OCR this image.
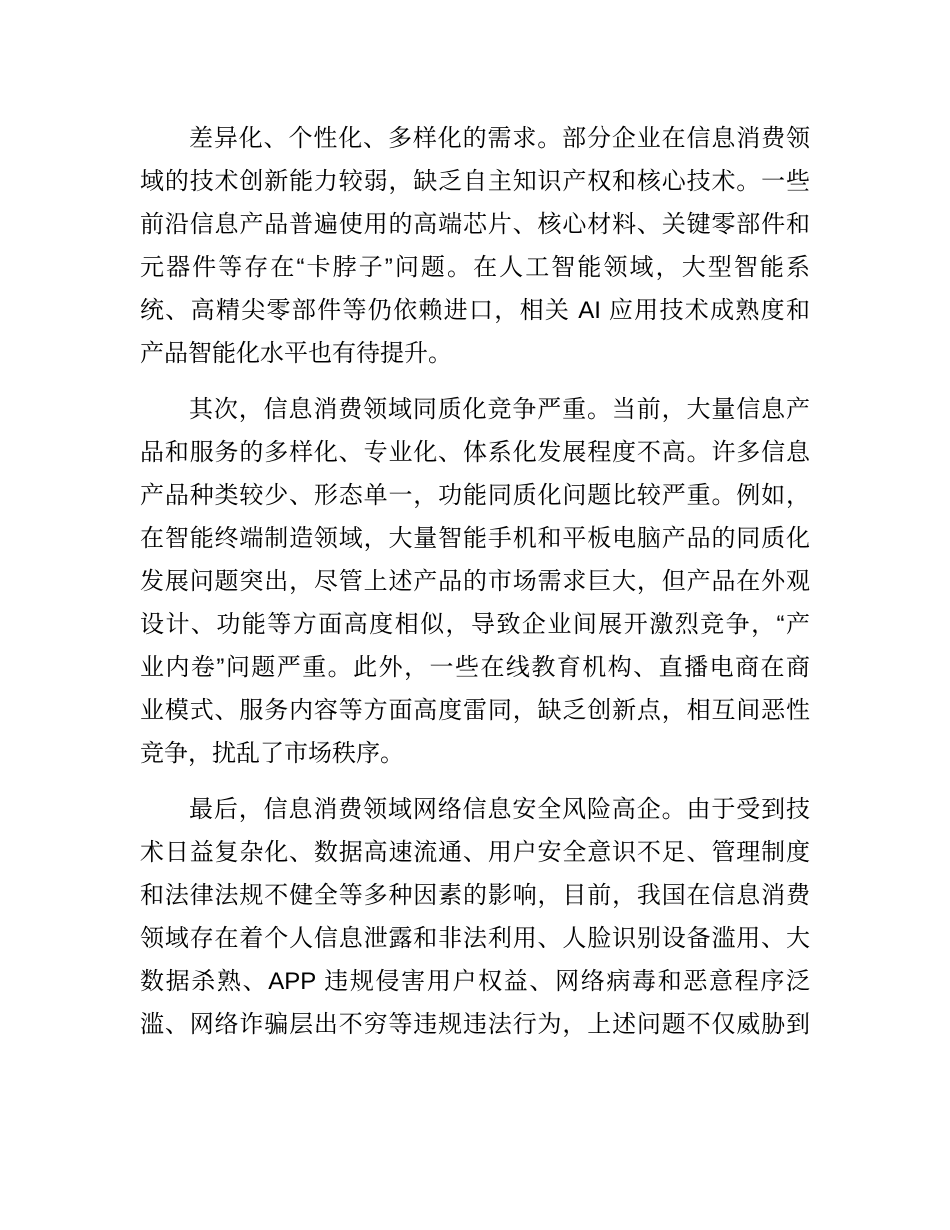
差异化、个性化、多样化的需求。部分企业在信息消费领
域的技术创新能力较弱，缺乏自主知识产权和核心技术。一些
前沿信息产品普遍使用的高端芯片、核心材料、关键零部件和
元器件等存在“卡脖子”问题。在人工智能领域，大型智能系
统、高精尖零部件等仍依赖进口，相关 AI 应用技术成熟度和
产品智能化水平也有待提升。

其次，信息消费领域同质化竞争严重。当前，大量信息产
品和服务的多样化、专业化、体系化发展程度不高。许多信息
产品种类较少、形态单一，功能同质化问题比较严重。例如，
在智能终端制造领域，大量智能手机和平板电脑产品的同质化
发展问题突出，尽管上述产品的市场需求巨大，但产品在外观
设计、功能等方面高度相似，导致企业间展开激烈竞争，“产
业内卷”问题严重。此外，一些在线教育机构、直播电商在商
业模式、服务内容等方面高度雷同，缺乏创新点，相互间恶性
竞争，扰乱了市场秩序。

最后，信息消费领域网络信息安全风险高企。由于受到技
术日益复杂化、数据高速流通、用户安全意识不足、管理制度
和法律法规不健全等多种因素的影响，目前，我国在信息消费
领域存在着个人信息泄露和非法利用、人脸识别设备滥用、大
数据杀熟、APP 违规侵害用户权益、网络病毒和恶意程序泛
滥、网络诈骗层出不穷等违规违法行为，上述问题不仅威胁到
